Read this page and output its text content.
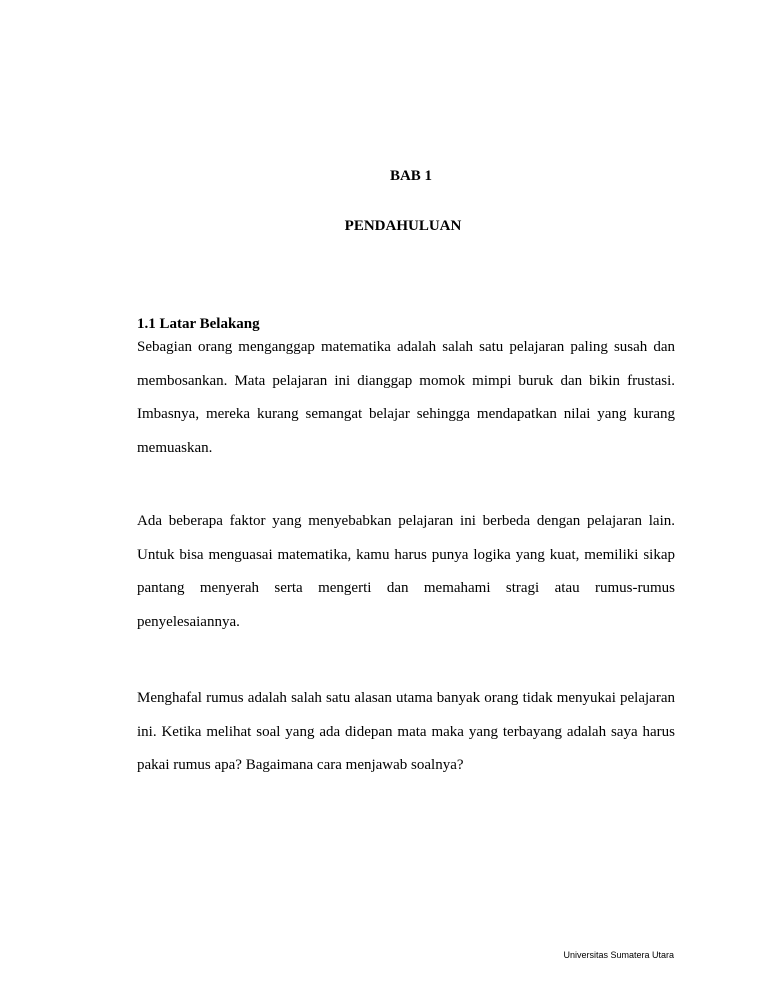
BAB 1
PENDAHULUAN
1.1 Latar Belakang

Sebagian orang menganggap matematika adalah salah satu pelajaran paling susah dan membosankan. Mata pelajaran ini dianggap momok mimpi buruk dan bikin frustasi. Imbasnya, mereka kurang semangat belajar sehingga mendapatkan nilai yang kurang memuaskan.

Ada beberapa faktor yang menyebabkan pelajaran ini berbeda dengan pelajaran lain. Untuk bisa menguasai matematika, kamu harus punya logika yang kuat, memiliki sikap pantang menyerah serta mengerti dan memahami stragi atau rumus-rumus penyelesaiannya.

Menghafal rumus adalah salah satu alasan utama banyak orang tidak menyukai pelajaran ini. Ketika melihat soal yang ada didepan mata maka yang terbayang adalah saya harus pakai rumus apa? Bagaimana cara menjawab soalnya?

Universitas Sumatera Utara
